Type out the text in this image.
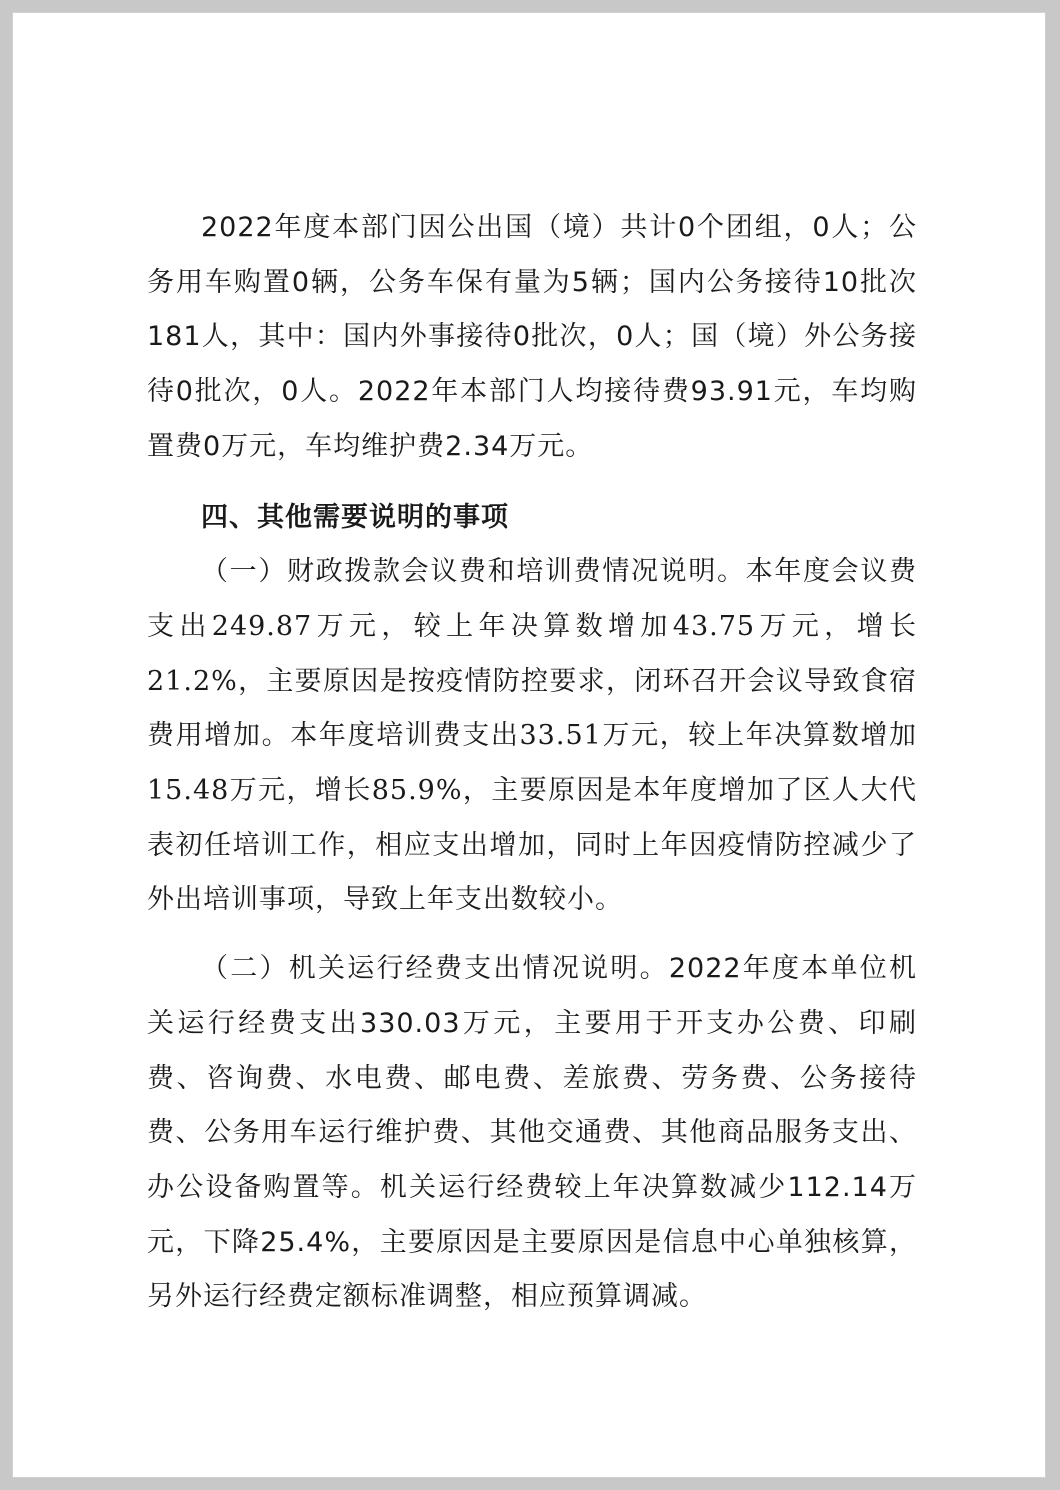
2022年度本部门因公出国（境）共计0个团组，0人；公务用车购置0辆，公务车保有量为5辆；国内公务接待10批次 181人，其中：国内外事接待0批次，0人；国（境）外公务接待0批次，0人。2022年本部门人均接待费93.91元，车均购置费0万元，车均维护费2.34万元。

四、其他需要说明的事项

（一）财政拨款会议费和培训费情况说明。本年度会议费支出249.87万元，较上年决算数增加43.75万元，增长21.2%，主要原因是按疫情防控要求，闭环召开会议导致食宿费用增加。本年度培训费支出33.51万元，较上年决算数增加15.48万元，增长85.9%，主要原因是本年度增加了区人大代表初任培训工作，相应支出增加，同时上年因疫情防控减少了外出培训事项，导致上年支出数较小。

（二）机关运行经费支出情况说明。2022年度本单位机关运行经费支出330.03万元，主要用于开支办公费、印刷费、咨询费、水电费、邮电费、差旅费、劳务费、公务接待费、公务用车运行维护费、其他交通费、其他商品服务支出、办公设备购置等。机关运行经费较上年决算数减少112.14万元，下降25.4%，主要原因是主要原因是信息中心单独核算，另外运行经费定额标准调整，相应预算调减。
